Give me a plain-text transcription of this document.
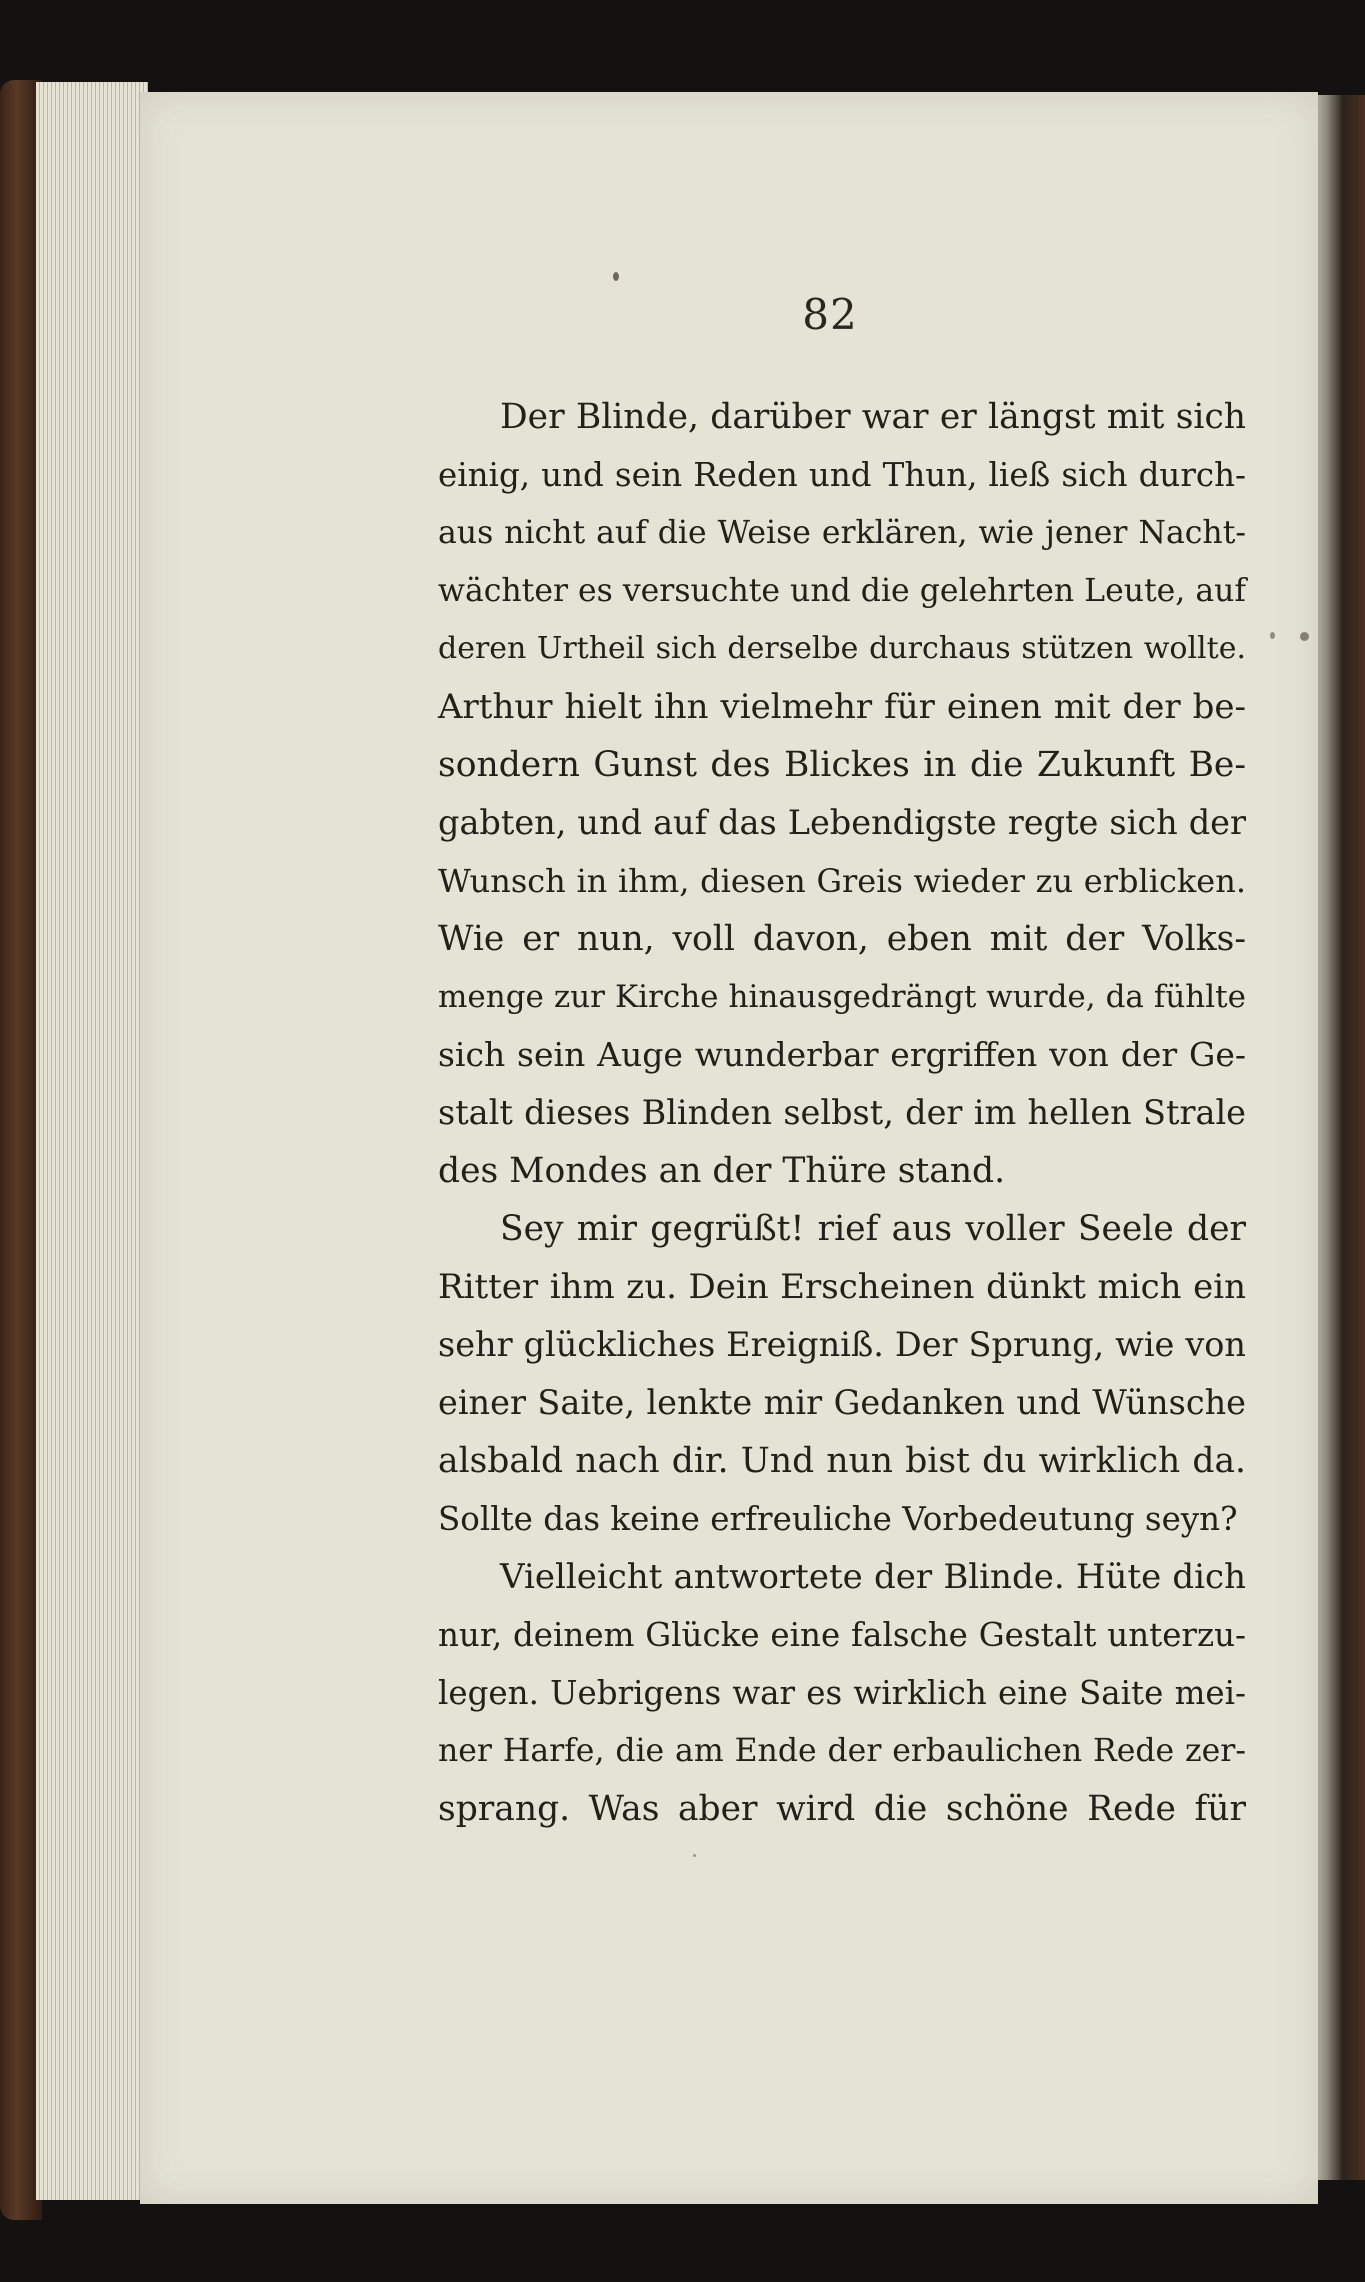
82
Der Blinde, darüber war er längst mit sich
einig, und sein Reden und Thun, ließ sich durch-
aus nicht auf die Weise erklären, wie jener Nacht-
wächter es versuchte und die gelehrten Leute, auf
deren Urtheil sich derselbe durchaus stützen wollte.
Arthur hielt ihn vielmehr für einen mit der be-
sondern Gunst des Blickes in die Zukunft Be-
gabten, und auf das Lebendigste regte sich der
Wunsch in ihm, diesen Greis wieder zu erblicken.
Wie er nun, voll davon, eben mit der Volks-
menge zur Kirche hinausgedrängt wurde, da fühlte
sich sein Auge wunderbar ergriffen von der Ge-
stalt dieses Blinden selbst, der im hellen Strale
des Mondes an der Thüre stand.
Sey mir gegrüßt! rief aus voller Seele der
Ritter ihm zu. Dein Erscheinen dünkt mich ein
sehr glückliches Ereigniß. Der Sprung, wie von
einer Saite, lenkte mir Gedanken und Wünsche
alsbald nach dir. Und nun bist du wirklich da.
Sollte das keine erfreuliche Vorbedeutung seyn?
Vielleicht antwortete der Blinde. Hüte dich
nur, deinem Glücke eine falsche Gestalt unterzu-
legen. Uebrigens war es wirklich eine Saite mei-
ner Harfe, die am Ende der erbaulichen Rede zer-
sprang. Was aber wird die schöne Rede für
